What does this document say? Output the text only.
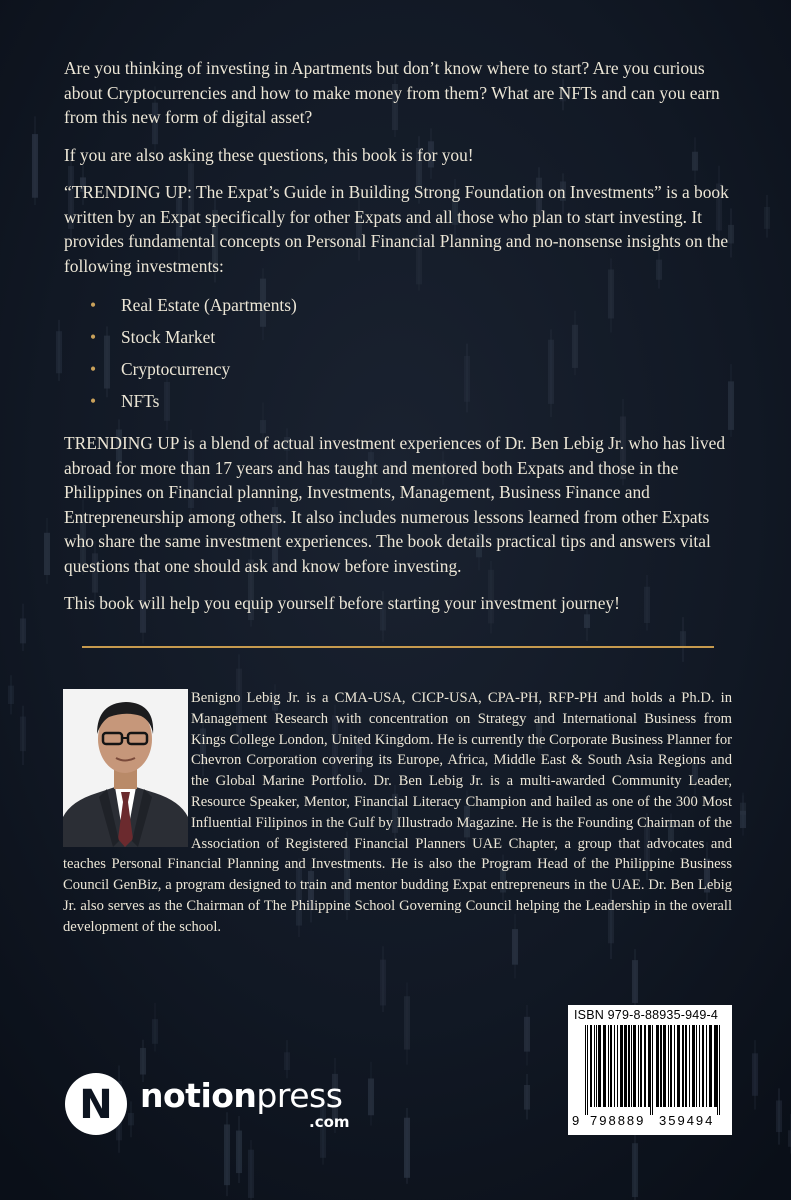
Are you thinking of investing in Apartments but don’t know where to start? Are you curious about Cryptocurrencies and how to make money from them? What are NFTs and can you earn from this new form of digital asset?

If you are also asking these questions, this book is for you!

“TRENDING UP: The Expat’s Guide in Building Strong Foundation on Investments” is a book written by an Expat specifically for other Expats and all those who plan to start investing. It provides fundamental concepts on Personal Financial Planning and no-nonsense insights on the following investments:

• Real Estate (Apartments)
• Stock Market
• Cryptocurrency
• NFTs

TRENDING UP is a blend of actual investment experiences of Dr. Ben Lebig Jr. who has lived abroad for more than 17 years and has taught and mentored both Expats and those in the Philippines on Financial planning, Investments, Management, Business Finance and Entrepreneurship among others. It also includes numerous lessons learned from other Expats who share the same investment experiences. The book details practical tips and answers vital questions that one should ask and know before investing.

This book will help you equip yourself before starting your investment journey!

Benigno Lebig Jr. is a CMA-USA, CICP-USA, CPA-PH, RFP-PH and holds a Ph.D. in Management Research with concentration on Strategy and International Business from Kings College London, United Kingdom. He is currently the Corporate Business Planner for Chevron Corporation covering its Europe, Africa, Middle East & South Asia Regions and the Global Marine Portfolio. Dr. Ben Lebig Jr. is a multi-awarded Community Leader, Resource Speaker, Mentor, Financial Literacy Champion and hailed as one of the 300 Most Influential Filipinos in the Gulf by Illustrado Magazine. He is the Founding Chairman of the Association of Registered Financial Planners UAE Chapter, a group that advocates and teaches Personal Financial Planning and Investments. He is also the Program Head of the Philippine Business Council GenBiz, a program designed to train and mentor budding Expat entrepreneurs in the UAE. Dr. Ben Lebig Jr. also serves as the Chairman of The Philippine School Governing Council helping the Leadership in the overall development of the school.

ISBN 979-8-88935-949-4
9 798889 359494
N notionpress
.com
